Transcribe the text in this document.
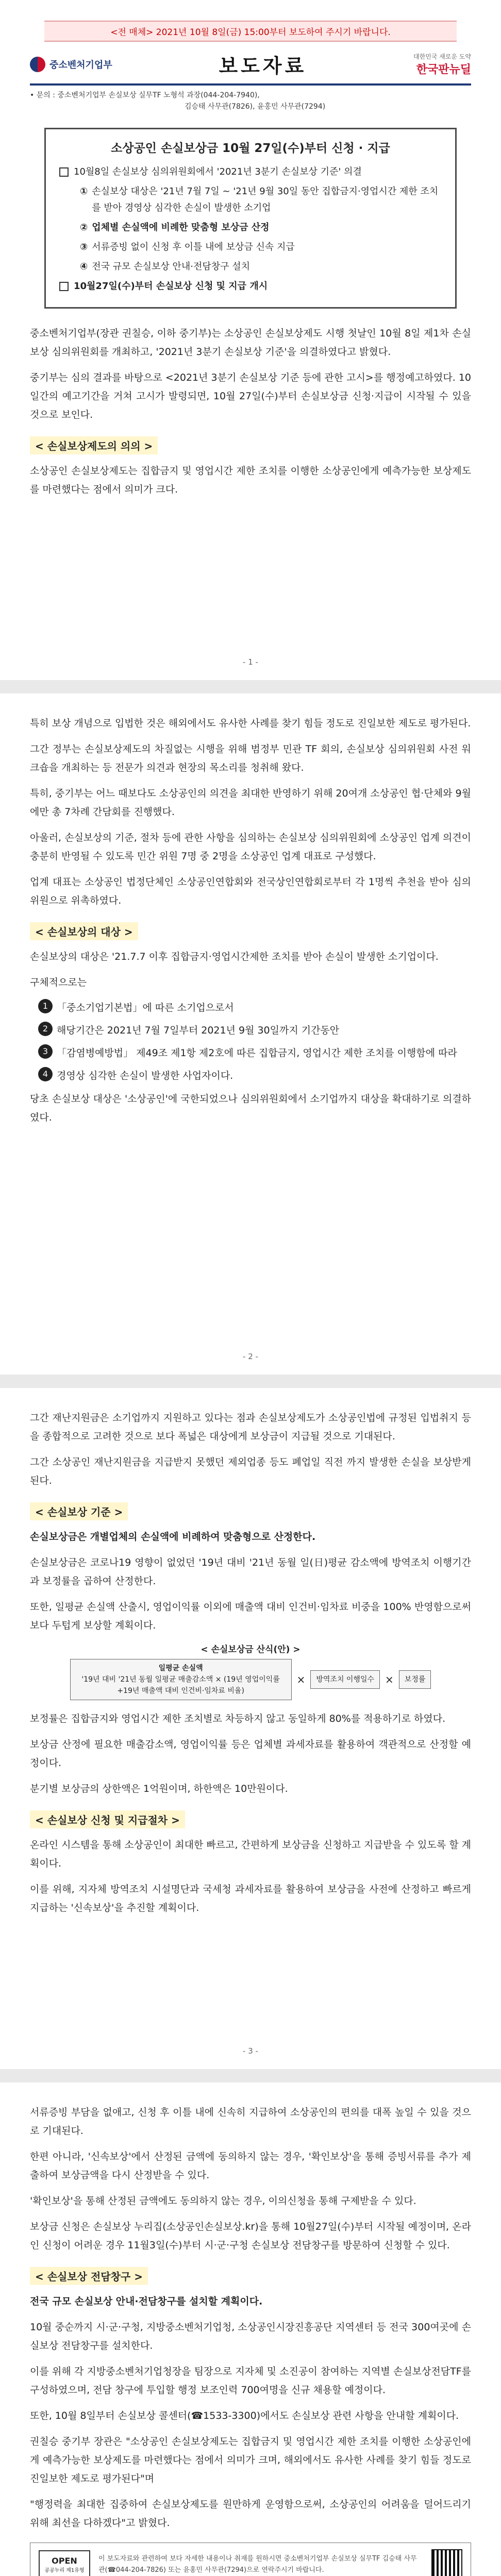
<전 매체> 2021년 10월 8일(금) 15:00부터 보도하여 주시기 바랍니다.
중소벤처기업부	보도자료	대한민국 새로운 도약
한국판뉴딜
• 문의 : 중소벤처기업부 손실보상 실무TF 노형석 과장(044-204-7940),
김승태 사무관(7826), 윤홍민 사무관(7294)
소상공인 손실보상금 10월 27일(수)부터 신청 · 지급
10월8일 손실보상 심의위원회에서 '2021년 3분기 손실보상 기준' 의결
① 손실보상 대상은 '21년 7월 7일 ~ '21년 9월 30일 동안 집합금지·영업시간 제한 조치를 받아 경영상 심각한 손실이 발생한 소기업
② 업체별 손실액에 비례한 맞춤형 보상금 산정
③ 서류증빙 없이 신청 후 이틀 내에 보상금 신속 지급
④ 전국 규모 손실보상 안내·전담창구 설치
10월27일(수)부터 손실보상 신청 및 지급 개시

중소벤처기업부(장관 권칠승, 이하 중기부)는 소상공인 손실보상제도 시행 첫날인 10월 8일 제1차 손실보상 심의위원회를 개최하고, '2021년 3분기 손실보상 기준'을 의결하였다고 밝혔다.

중기부는 심의 결과를 바탕으로 <2021년 3분기 손실보상 기준 등에 관한 고시>를 행정예고하였다. 10일간의 예고기간을 거쳐 고시가 발령되면, 10월 27일(수)부터 손실보상금 신청·지급이 시작될 수 있을 것으로 보인다.

< 손실보상제도의 의의 >

소상공인 손실보상제도는 집합금지 및 영업시간 제한 조치를 이행한 소상공인에게 예측가능한 보상제도를 마련했다는 점에서 의미가 크다.

- 1 -

특히 보상 개념으로 입법한 것은 해외에서도 유사한 사례를 찾기 힘들 정도로 진일보한 제도로 평가된다.

그간 정부는 손실보상제도의 차질없는 시행을 위해 범정부 민관 TF 회의, 손실보상 심의위원회 사전 워크숍을 개최하는 등 전문가 의견과 현장의 목소리를 청취해 왔다.

특히, 중기부는 어느 때보다도 소상공인의 의견을 최대한 반영하기 위해 20여개 소상공인 협·단체와 9월에만 총 7차례 간담회를 진행했다.

아울러, 손실보상의 기준, 절차 등에 관한 사항을 심의하는 손실보상 심의위원회에 소상공인 업계 의견이 충분히 반영될 수 있도록 민간 위원 7명 중 2명을 소상공인 업계 대표로 구성했다.

업계 대표는 소상공인 법정단체인 소상공인연합회와 전국상인연합회로부터 각 1명씩 추천을 받아 심의위원으로 위촉하였다.

< 손실보상의 대상 >

손실보상의 대상은 '21.7.7 이후 집합금지·영업시간제한 조치를 받아 손실이 발생한 소기업이다.

구체적으로는

1 「중소기업기본법」에 따른 소기업으로서
2 해당기간은 2021년 7월 7일부터 2021년 9월 30일까지 기간동안
3 「감염병예방법」 제49조 제1항 제2호에 따른 집합금지, 영업시간 제한 조치를 이행함에 따라
4 경영상 심각한 손실이 발생한 사업자이다.

당초 손실보상 대상은 '소상공인'에 국한되었으나 심의위원회에서 소기업까지 대상을 확대하기로 의결하였다.

- 2 -

그간 재난지원금은 소기업까지 지원하고 있다는 점과 손실보상제도가 소상공인법에 규정된 입법취지 등을 종합적으로 고려한 것으로 보다 폭넓은 대상에게 보상금이 지급될 것으로 기대된다.

그간 소상공인 재난지원금을 지급받지 못했던 제외업종 등도 폐업일 직전 까지 발생한 손실을 보상받게 된다.

< 손실보상 기준 >

손실보상금은 개별업체의 손실액에 비례하여 맞춤형으로 산정한다.

손실보상금은 코로나19 영향이 없었던 '19년 대비 '21년 동월 일(日)평균 감소액에 방역조치 이행기간과 보정률을 곱하여 산정한다.

또한, 일평균 손실액 산출시, 영업이익률 이외에 매출액 대비 인건비·임차료 비중을 100% 반영함으로써 보다 두텁게 보상할 계획이다.

< 손실보상금 산식(안) >
일평균 손실액
'19년 대비 '21년 동월 일평균 매출감소액 × (19년 영업이익률+19년 매출액 대비 인건비·임차료 비율)
×	방역조치 이행일수	×	보정률

보정률은 집합금지와 영업시간 제한 조치별로 차등하지 않고 동일하게 80%를 적용하기로 하였다.

보상금 산정에 필요한 매출감소액, 영업이익률 등은 업체별 과세자료를 활용하여 객관적으로 산정할 예정이다.

분기별 보상금의 상한액은 1억원이며, 하한액은 10만원이다.

< 손실보상 신청 및 지급절차 >

온라인 시스템을 통해 소상공인이 최대한 빠르고, 간편하게 보상금을 신청하고 지급받을 수 있도록 할 계획이다.

이를 위해, 지자체 방역조치 시설명단과 국세청 과세자료를 활용하여 보상금을 사전에 산정하고 빠르게 지급하는 '신속보상'을 추진할 계획이다.

- 3 -

서류증빙 부담을 없애고, 신청 후 이틀 내에 신속히 지급하여 소상공인의 편의를 대폭 높일 수 있을 것으로 기대된다.

한편 아니라, '신속보상'에서 산정된 금액에 동의하지 않는 경우, '확인보상'을 통해 증빙서류를 추가 제출하여 보상금액을 다시 산정받을 수 있다.

'확인보상'을 통해 산정된 금액에도 동의하지 않는 경우, 이의신청을 통해 구제받을 수 있다.

보상금 신청은 손실보상 누리집(소상공인손실보상.kr)을 통해 10월27일(수)부터 시작될 예정이며, 온라인 신청이 어려운 경우 11월3일(수)부터 시·군·구청 손실보상 전담창구를 방문하여 신청할 수 있다.

< 손실보상 전담창구 >

전국 규모 손실보상 안내·전담창구를 설치할 계획이다.

10월 중순까지 시·군·구청, 지방중소벤처기업청, 소상공인시장진흥공단 지역센터 등 전국 300여곳에 손실보상 전담창구를 설치한다.

이를 위해 각 지방중소벤처기업청장을 팀장으로 지자체 및 소진공이 참여하는 지역별 손실보상전담TF를 구성하였으며, 전담 창구에 투입할 행정 보조인력 700여명을 신규 채용할 예정이다.

또한, 10월 8일부터 손실보상 콜센터(☎1533-3300)에서도 손실보상 관련 사항을 안내할 계획이다.

권칠승 중기부 장관은 "소상공인 손실보상제도는 집합금지 및 영업시간 제한 조치를 이행한 소상공인에게 예측가능한 보상제도를 마련했다는 점에서 의미가 크며, 해외에서도 유사한 사례를 찾기 힘들 정도로 진일보한 제도로 평가된다"며

"행정력을 최대한 집중하여 손실보상제도를 원만하게 운영함으로써, 소상공인의 어려움을 덜어드리기 위해 최선을 다하겠다"고 밝혔다.

OPEN
공공누리 제1유형
이 보도자료와 관련하여 보다 자세한 내용이나 취재를 원하시면 중소벤처기업부 손실보상 실무TF 김승태 사무관(☎044-204-7826) 또는 윤홍민 사무관(7294)으로 연락주시기 바랍니다.
